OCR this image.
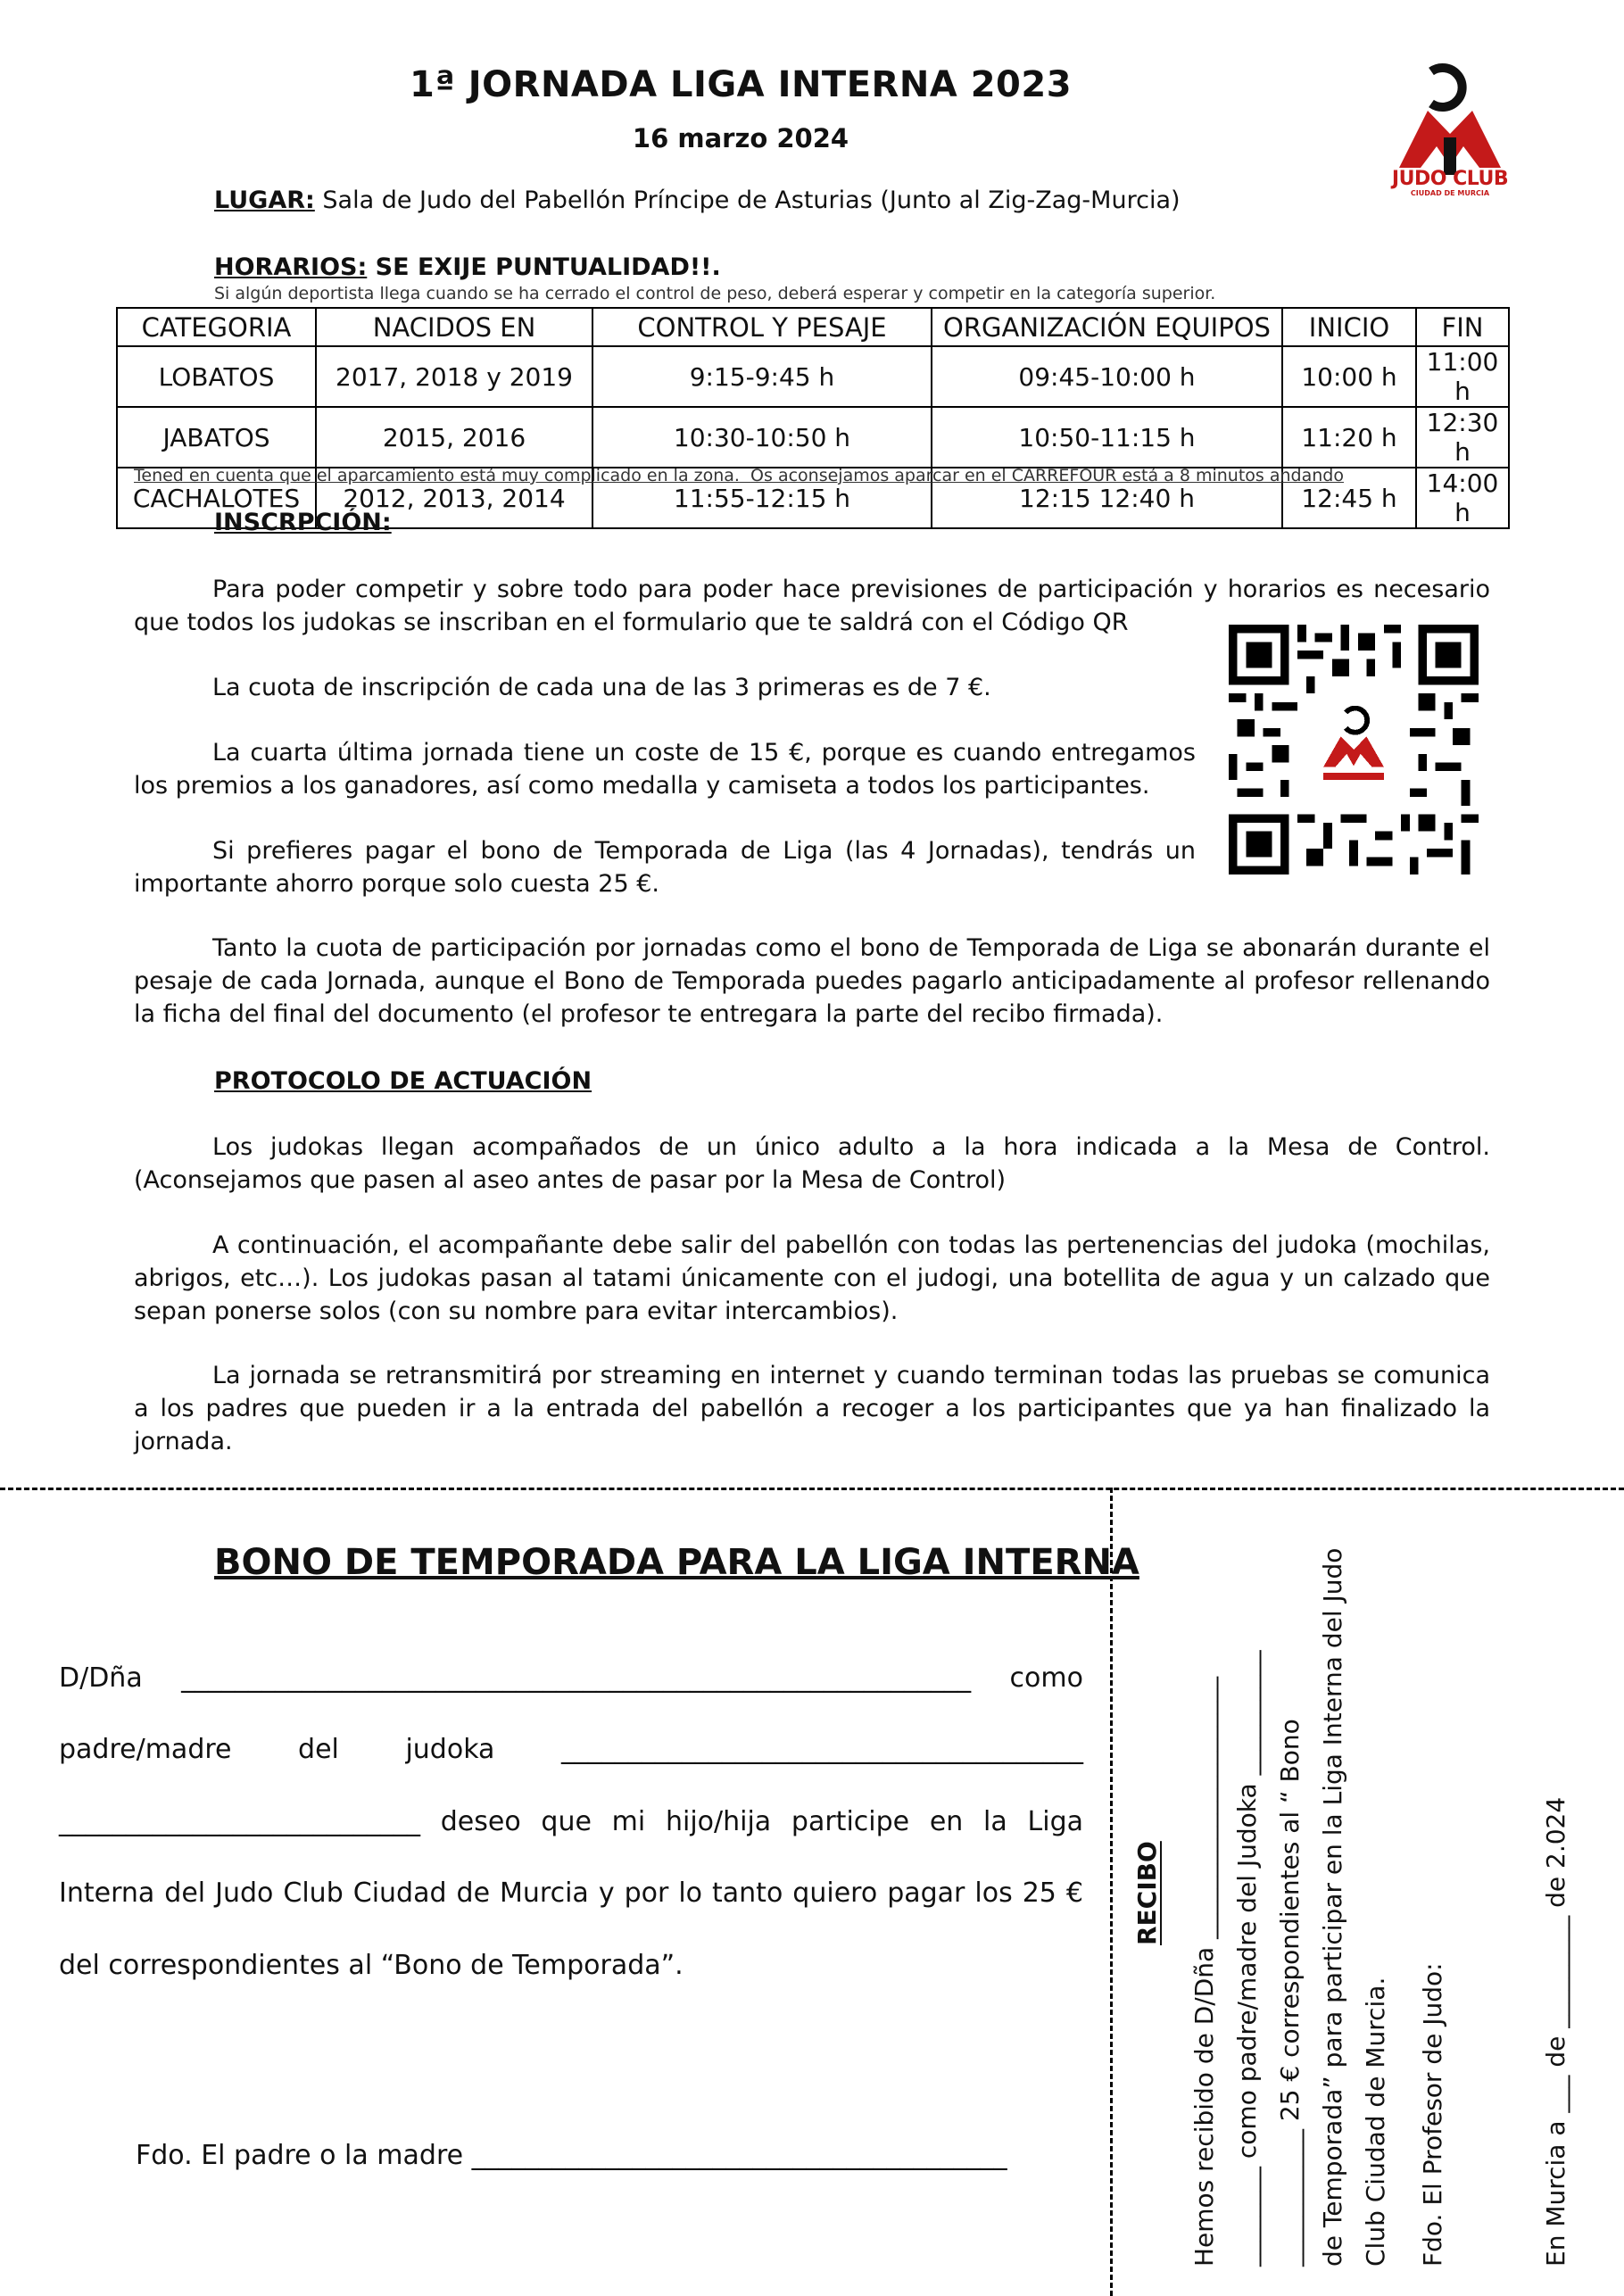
1ª JORNADA LIGA INTERNA 2023
16 marzo 2024
JUDO CLUB
CIUDAD DE MURCIA
LUGAR: Sala de Judo del Pabellón Príncipe de Asturias (Junto al Zig-Zag-Murcia)
HORARIOS: SE EXIJE PUNTUALIDAD!!.
Si algún deportista llega cuando se ha cerrado el control de peso, deberá esperar y competir en la categoría superior.
CATEGORIA	NACIDOS EN	CONTROL Y PESAJE	ORGANIZACIÓN EQUIPOS	INICIO	FIN
LOBATOS	2017, 2018 y 2019	9:15-9:45 h	09:45-10:00 h	10:00 h	11:00 h
JABATOS	2015, 2016	10:30-10:50 h	10:50-11:15 h	11:20 h	12:30 h
CACHALOTES	2012, 2013, 2014	11:55-12:15 h	12:15 12:40 h	12:45 h	14:00 h
Tened en cuenta que el aparcamiento está muy complicado en la zona. Os aconsejamos aparcar en el CARREFOUR está a 8 minutos andando
INSCRPCIÓN:
Para poder competir y sobre todo para poder hace previsiones de participación y horarios es necesario que todos los judokas se inscriban en el formulario que te saldrá con el Código QR
La cuota de inscripción de cada una de las 3 primeras es de 7 €.
La cuarta última jornada tiene un coste de 15 €, porque es cuando entregamos los premios a los ganadores, así como medalla y camiseta a todos los participantes.
Si prefieres pagar el bono de Temporada de Liga (las 4 Jornadas), tendrás un importante ahorro porque solo cuesta 25 €.
Tanto la cuota de participación por jornadas como el bono de Temporada de Liga se abonarán durante el pesaje de cada Jornada, aunque el Bono de Temporada puedes pagarlo anticipadamente al profesor rellenando la ficha del final del documento (el profesor te entregara la parte del recibo firmada).
PROTOCOLO DE ACTUACIÓN
Los judokas llegan acompañados de un único adulto a la hora indicada a la Mesa de Control. (Aconsejamos que pasen al aseo antes de pasar por la Mesa de Control)
A continuación, el acompañante debe salir del pabellón con todas las pertenencias del judoka (mochilas, abrigos, etc…). Los judokas pasan al tatami únicamente con el judogi, una botellita de agua y un calzado que sepan ponerse solos (con su nombre para evitar intercambios).
La jornada se retransmitirá por streaming en internet y cuando terminan todas las pruebas se comunica a los padres que pueden ir a la entrada del pabellón a recoger a los participantes que ya han finalizado la jornada.
BONO DE TEMPORADA PARA LA LIGA INTERNA
D/Dña ___________________________________________________________ como
padre/madre del judoka _______________________________________
___________________________ deseo que mi hijo/hija participe en la Liga
Interna del Judo Club Ciudad de Murcia y por lo tanto quiero pagar los 25 €
del correspondientes al “Bono de Temporada”.
Fdo. El padre o la madre ________________________________________
RECIBO Hemos recibido de D/Dña _____________________ ________ como padre/madre del Judoka __________ ___________ 25 € correspondientes al “ Bono de Temporada” para participar en la Liga Interna del Judo Club Ciudad de Murcia. Fdo. El Profesor de Judo:	En Murcia a ___ de _________ de 2.024
